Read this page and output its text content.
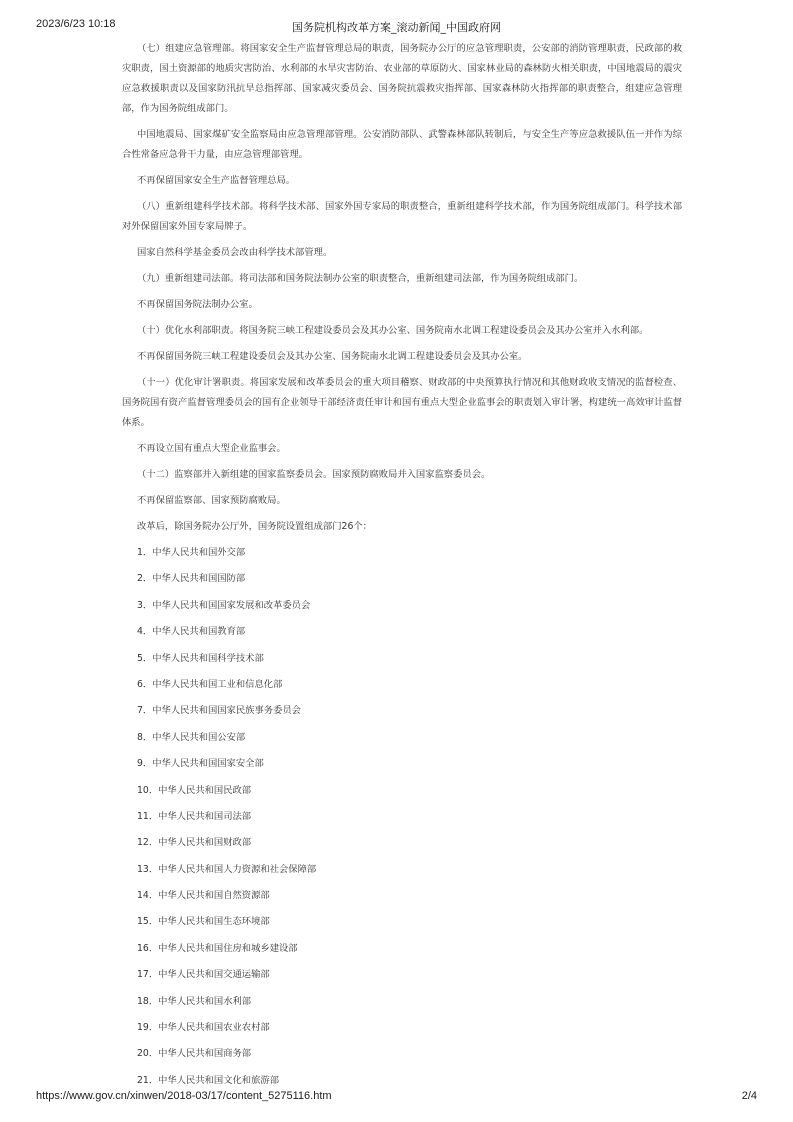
2023/6/23 10:18	国务院机构改革方案_滚动新闻_中国政府网

（七）组建应急管理部。将国家安全生产监督管理总局的职责，国务院办公厅的应急管理职责，公安部的消防管理职责，民政部的救灾职责，国土资源部的地质灾害防治、水利部的水旱灾害防治、农业部的草原防火、国家林业局的森林防火相关职责，中国地震局的震灾应急救援职责以及国家防汛抗旱总指挥部、国家减灾委员会、国务院抗震救灾指挥部、国家森林防火指挥部的职责整合，组建应急管理部，作为国务院组成部门。

中国地震局、国家煤矿安全监察局由应急管理部管理。公安消防部队、武警森林部队转制后，与安全生产等应急救援队伍一并作为综合性常备应急骨干力量，由应急管理部管理。

不再保留国家安全生产监督管理总局。

（八）重新组建科学技术部。将科学技术部、国家外国专家局的职责整合，重新组建科学技术部，作为国务院组成部门。科学技术部对外保留国家外国专家局牌子。

国家自然科学基金委员会改由科学技术部管理。

（九）重新组建司法部。将司法部和国务院法制办公室的职责整合，重新组建司法部，作为国务院组成部门。

不再保留国务院法制办公室。

（十）优化水利部职责。将国务院三峡工程建设委员会及其办公室、国务院南水北调工程建设委员会及其办公室并入水利部。

不再保留国务院三峡工程建设委员会及其办公室、国务院南水北调工程建设委员会及其办公室。

（十一）优化审计署职责。将国家发展和改革委员会的重大项目稽察、财政部的中央预算执行情况和其他财政收支情况的监督检查、国务院国有资产监督管理委员会的国有企业领导干部经济责任审计和国有重点大型企业监事会的职责划入审计署，构建统一高效审计监督体系。

不再设立国有重点大型企业监事会。

（十二）监察部并入新组建的国家监察委员会。国家预防腐败局并入国家监察委员会。

不再保留监察部、国家预防腐败局。

改革后，除国务院办公厅外，国务院设置组成部门26个：

1．中华人民共和国外交部
2．中华人民共和国国防部
3．中华人民共和国国家发展和改革委员会
4．中华人民共和国教育部
5．中华人民共和国科学技术部
6．中华人民共和国工业和信息化部
7．中华人民共和国国家民族事务委员会
8．中华人民共和国公安部
9．中华人民共和国国家安全部
10．中华人民共和国民政部
11．中华人民共和国司法部
12．中华人民共和国财政部
13．中华人民共和国人力资源和社会保障部
14．中华人民共和国自然资源部
15．中华人民共和国生态环境部
16．中华人民共和国住房和城乡建设部
17．中华人民共和国交通运输部
18．中华人民共和国水利部
19．中华人民共和国农业农村部
20．中华人民共和国商务部
21．中华人民共和国文化和旅游部
https://www.gov.cn/xinwen/2018-03/17/content_5275116.htm	2/4
